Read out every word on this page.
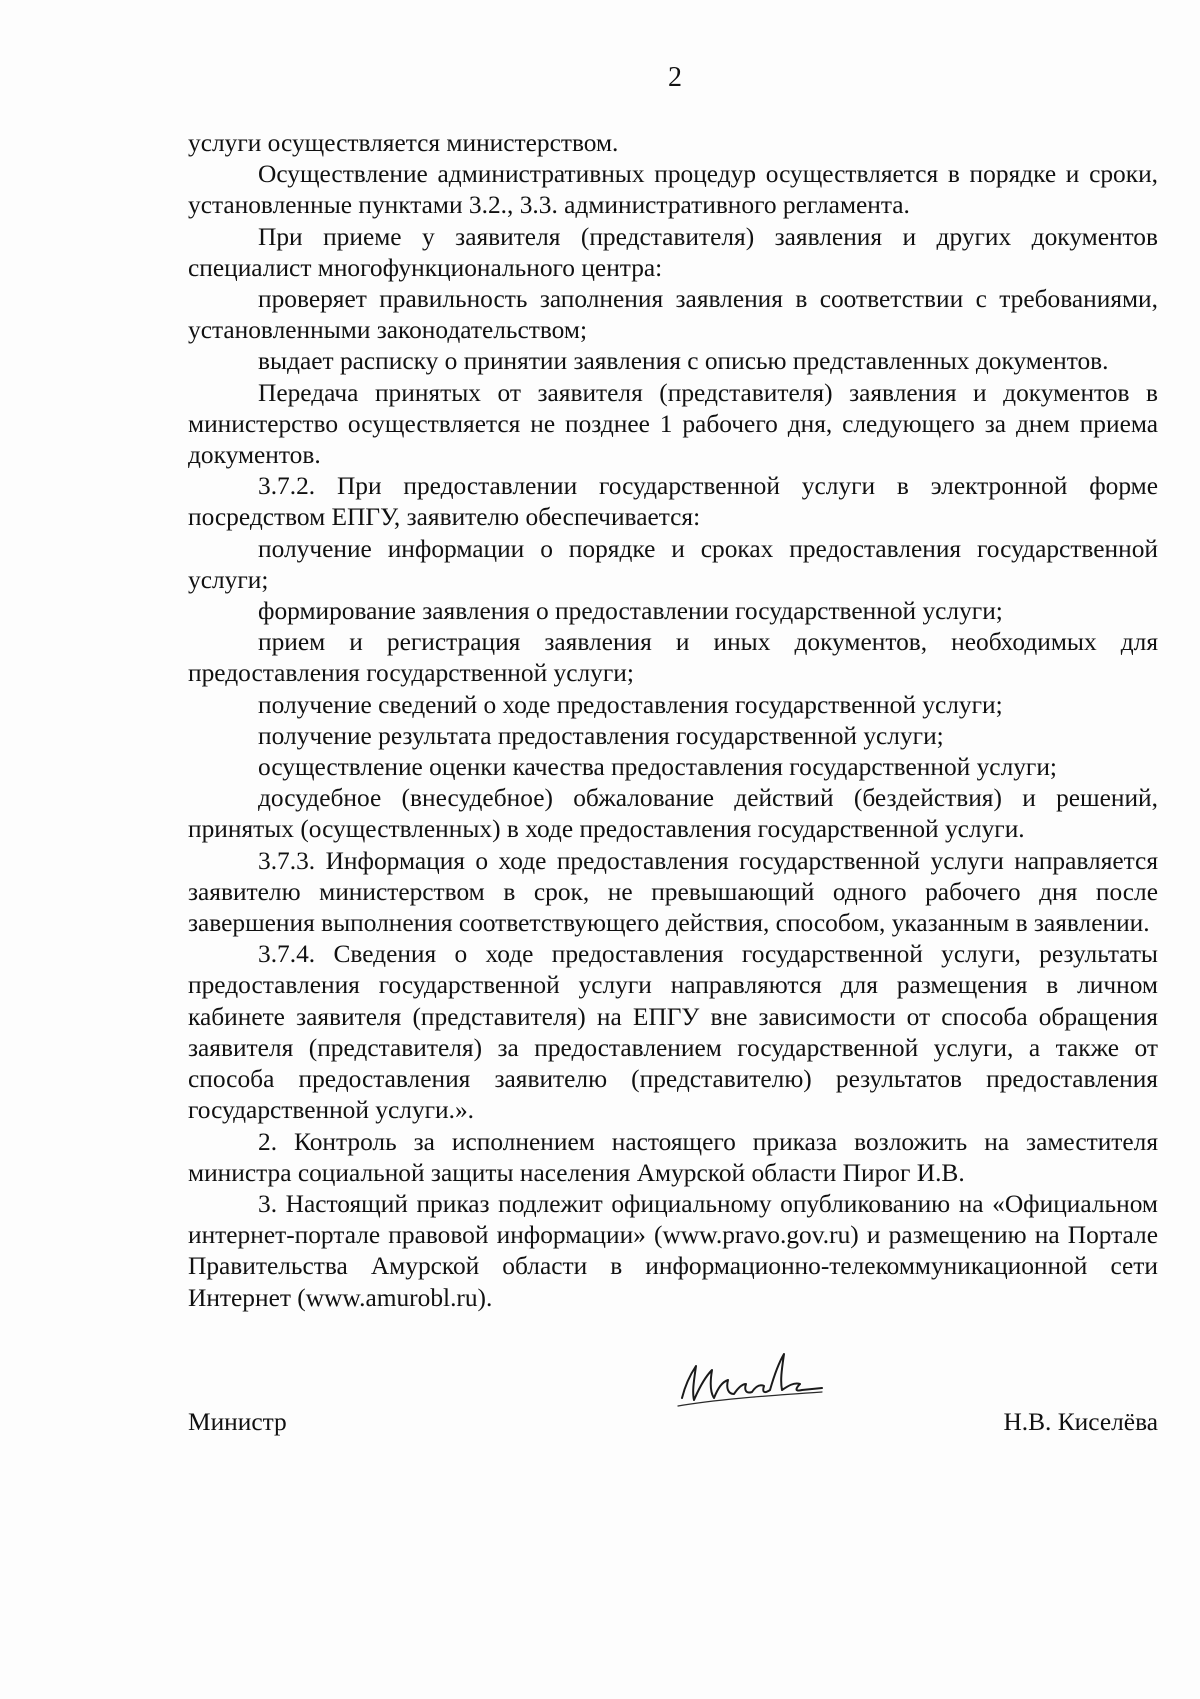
2

услуги осуществляется министерством.

Осуществление административных процедур осуществляется в порядке и сроки, установленные пунктами 3.2., 3.3. административного регламента.

При приеме у заявителя (представителя) заявления и других документов специалист многофункционального центра:

проверяет правильность заполнения заявления в соответствии с требованиями, установленными законодательством;

выдает расписку о принятии заявления с описью представленных документов.

Передача принятых от заявителя (представителя) заявления и документов в министерство осуществляется не позднее 1 рабочего дня, следующего за днем приема документов.

3.7.2. При предоставлении государственной услуги в электронной форме посредством ЕПГУ, заявителю обеспечивается:

получение информации о порядке и сроках предоставления государственной услуги;

формирование заявления о предоставлении государственной услуги;

прием и регистрация заявления и иных документов, необходимых для предоставления государственной услуги;

получение сведений о ходе предоставления государственной услуги;

получение результата предоставления государственной услуги;

осуществление оценки качества предоставления государственной услуги;

досудебное (внесудебное) обжалование действий (бездействия) и решений, принятых (осуществленных) в ходе предоставления государственной услуги.

3.7.3. Информация о ходе предоставления государственной услуги направляется заявителю министерством в срок, не превышающий одного рабочего дня после завершения выполнения соответствующего действия, способом, указанным в заявлении.

3.7.4. Сведения о ходе предоставления государственной услуги, результаты предоставления государственной услуги направляются для размещения в личном кабинете заявителя (представителя) на ЕПГУ вне зависимости от способа обращения заявителя (представителя) за предоставлением государственной услуги, а также от способа предоставления заявителю (представителю) результатов предоставления государственной услуги.».

2. Контроль за исполнением настоящего приказа возложить на заместителя министра социальной защиты населения Амурской области Пирог И.В.

3. Настоящий приказ подлежит официальному опубликованию на «Официальном интернет-портале правовой информации» (www.pravo.gov.ru) и размещению на Портале Правительства Амурской области в информационно-телекоммуникационной сети Интернет (www.amurobl.ru).

Министр	Н.В. Киселёва
